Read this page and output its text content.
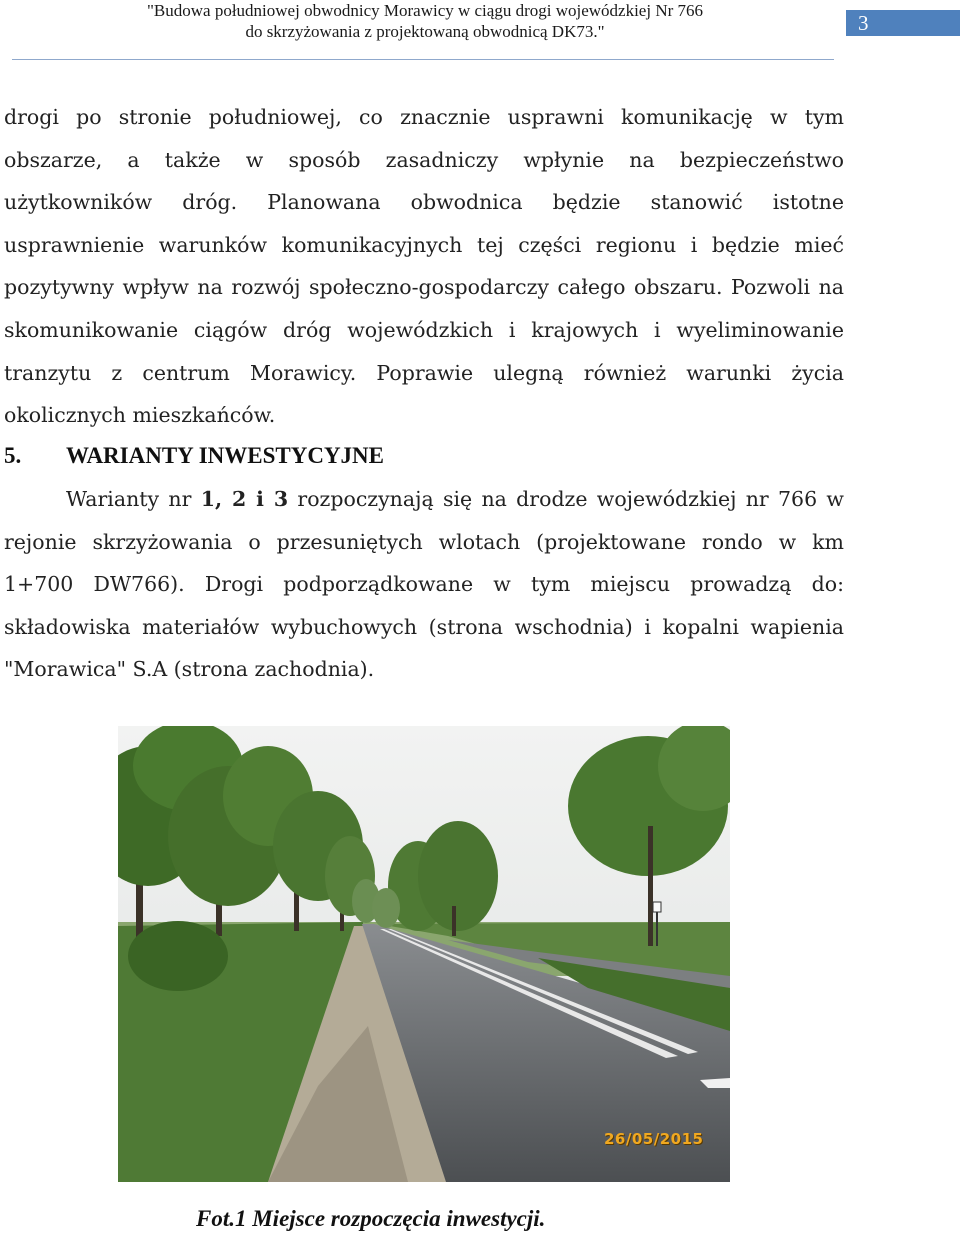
"Budowa południowej obwodnicy Morawicy w ciągu drogi wojewódzkiej Nr 766
do skrzyżowania z projektowaną obwodnicą DK73."	3
drogi po stronie południowej, co znacznie usprawni komunikację w tym obszarze, a także w sposób zasadniczy wpłynie na bezpieczeństwo użytkowników dróg. Planowana obwodnica będzie stanowić istotne usprawnienie warunków komunikacyjnych tej części regionu i będzie mieć pozytywny wpływ na rozwój społeczno-gospodarczy całego obszaru. Pozwoli na skomunikowanie ciągów dróg wojewódzkich i krajowych i wyeliminowanie tranzytu z centrum Morawicy. Poprawie ulegną również warunki życia okolicznych mieszkańców.
5. WARIANTY INWESTYCYJNE
Warianty nr 1, 2 i 3 rozpoczynają się na drodze wojewódzkiej nr 766 w rejonie skrzyżowania o przesuniętych wlotach (projektowane rondo w km 1+700 DW766). Drogi podporządkowane w tym miejscu prowadzą do: składowiska materiałów wybuchowych (strona wschodnia) i kopalni wapienia "Morawica" S.A (strona zachodnia).
26/05/2015
Fot.1 Miejsce rozpoczęcia inwestycji.
